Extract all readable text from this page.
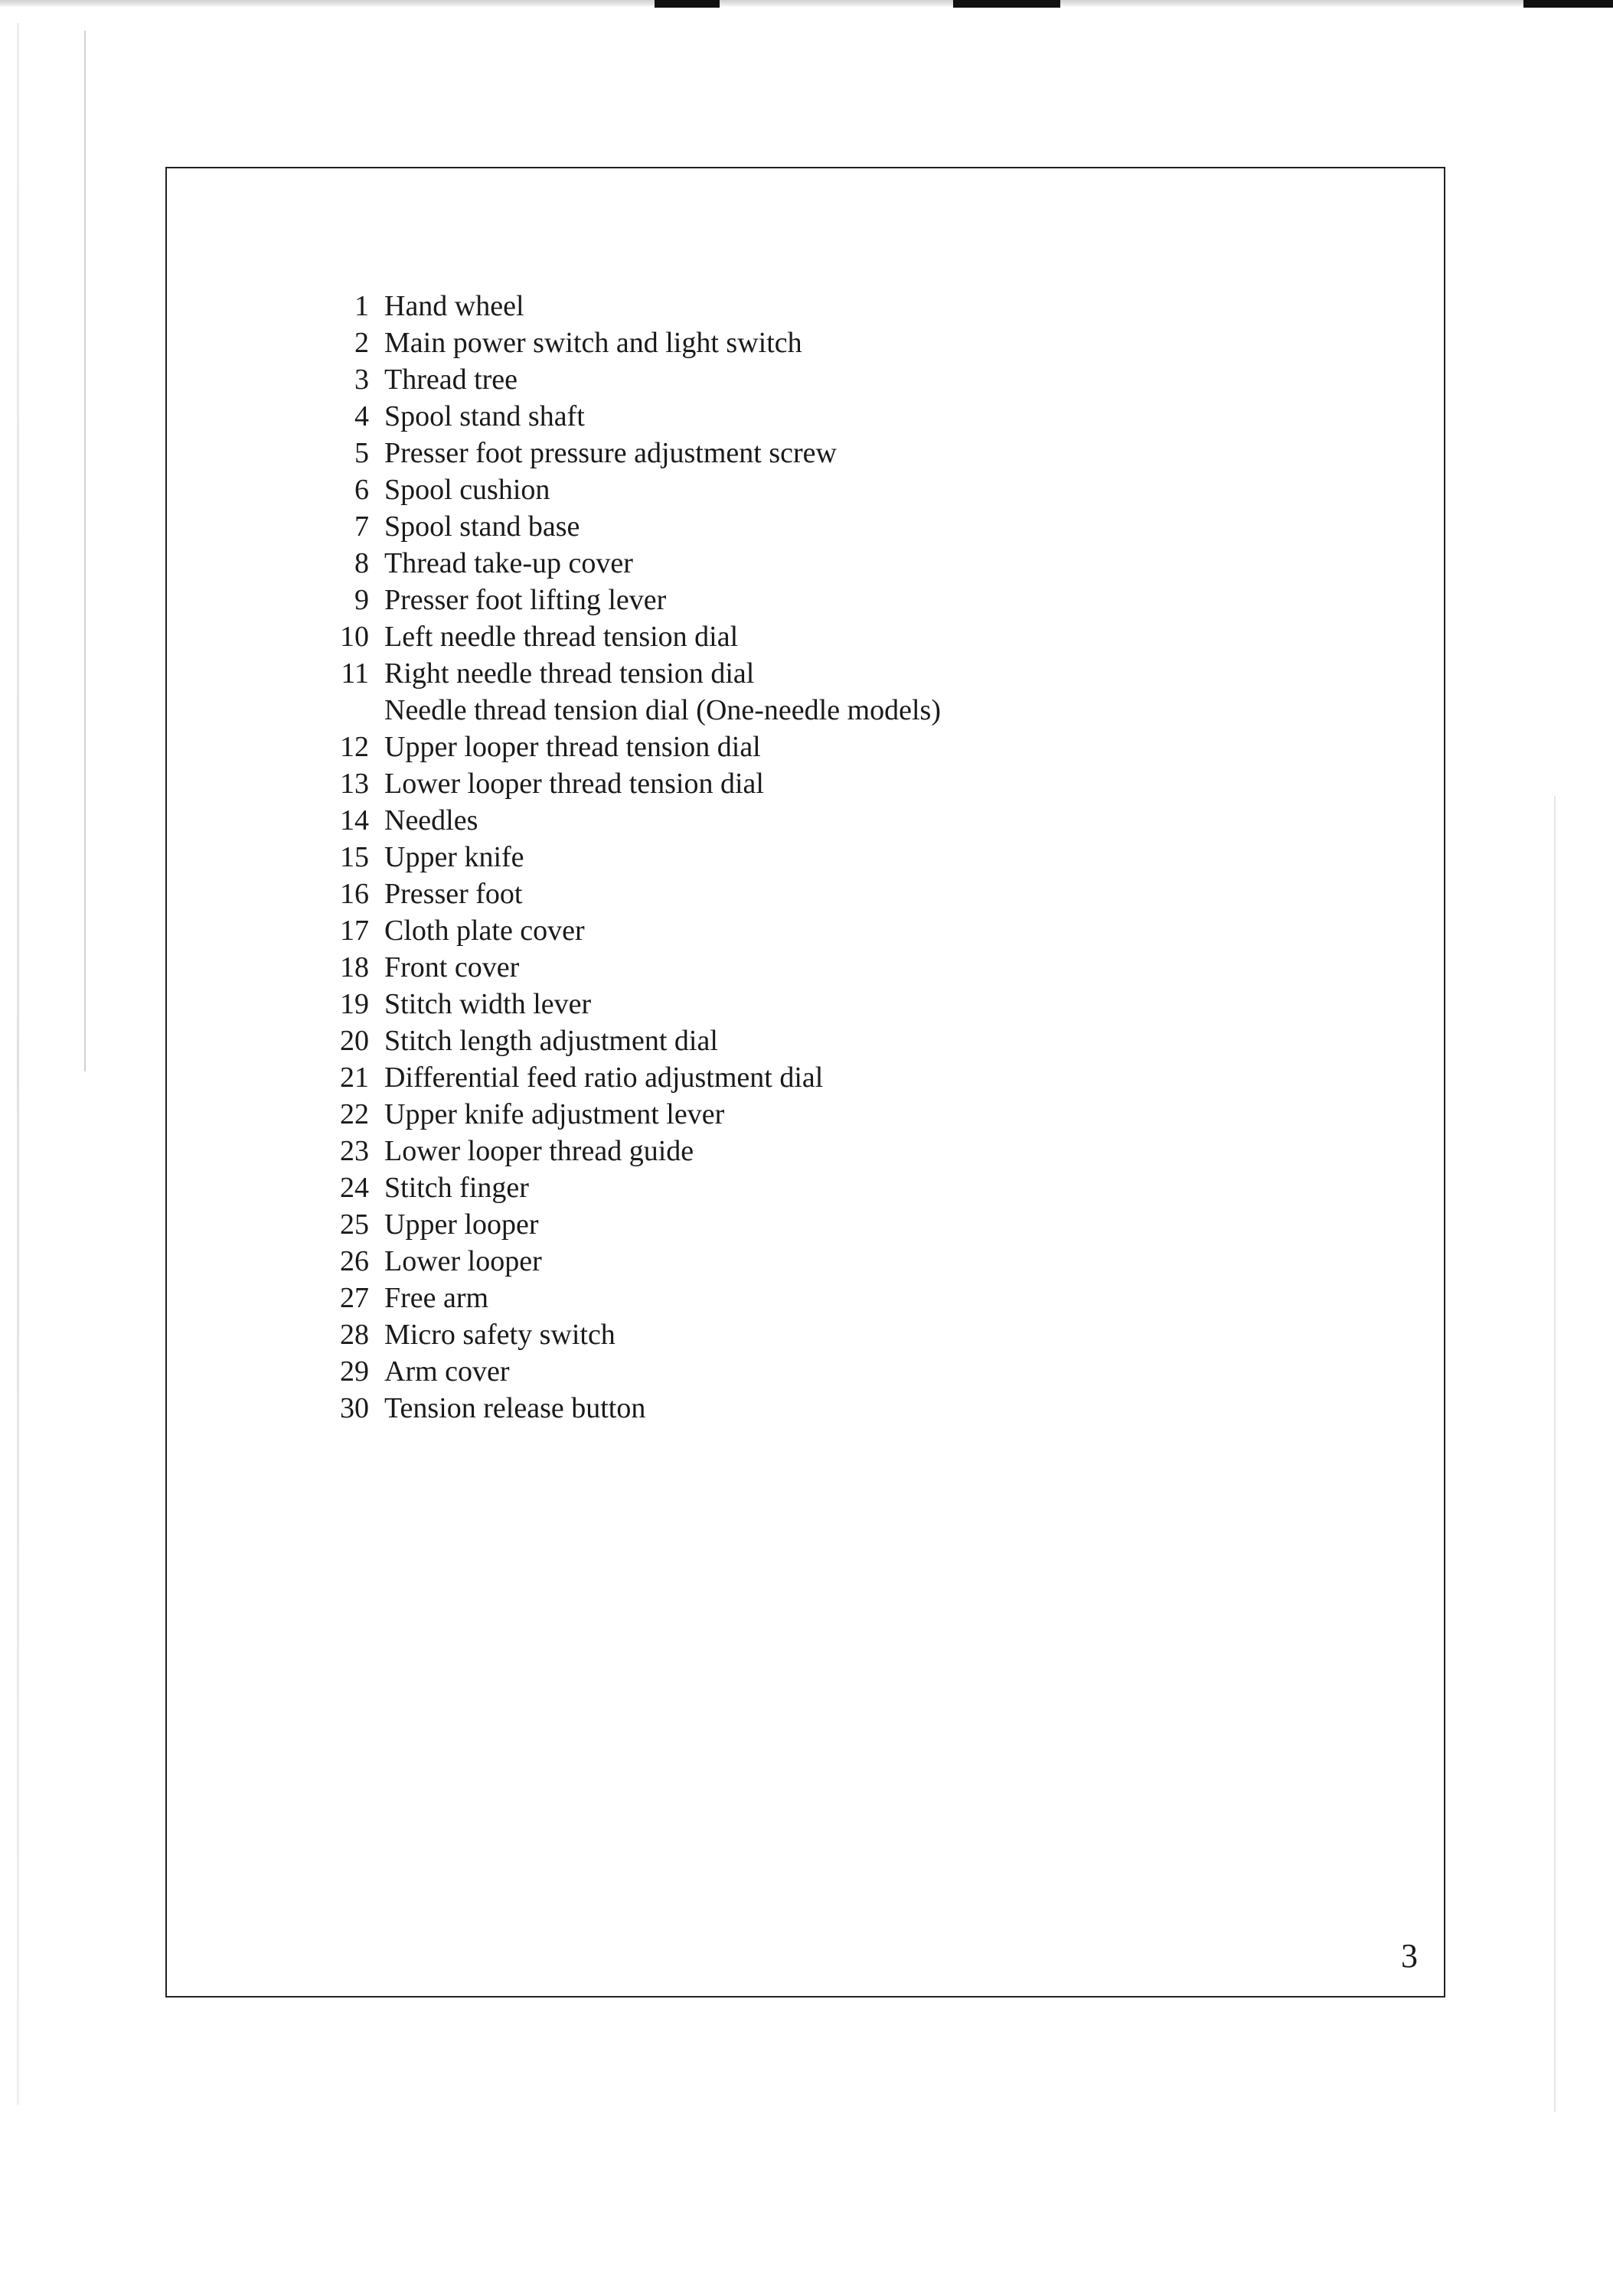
1 Hand wheel
2 Main power switch and light switch
3 Thread tree
4 Spool stand shaft
5 Presser foot pressure adjustment screw
6 Spool cushion
7 Spool stand base
8 Thread take-up cover
9 Presser foot lifting lever
10 Left needle thread tension dial
11 Right needle thread tension dial
Needle thread tension dial (One-needle models)
12 Upper looper thread tension dial
13 Lower looper thread tension dial
14 Needles
15 Upper knife
16 Presser foot
17 Cloth plate cover
18 Front cover
19 Stitch width lever
20 Stitch length adjustment dial
21 Differential feed ratio adjustment dial
22 Upper knife adjustment lever
23 Lower looper thread guide
24 Stitch finger
25 Upper looper
26 Lower looper
27 Free arm
28 Micro safety switch
29 Arm cover
30 Tension release button
3
